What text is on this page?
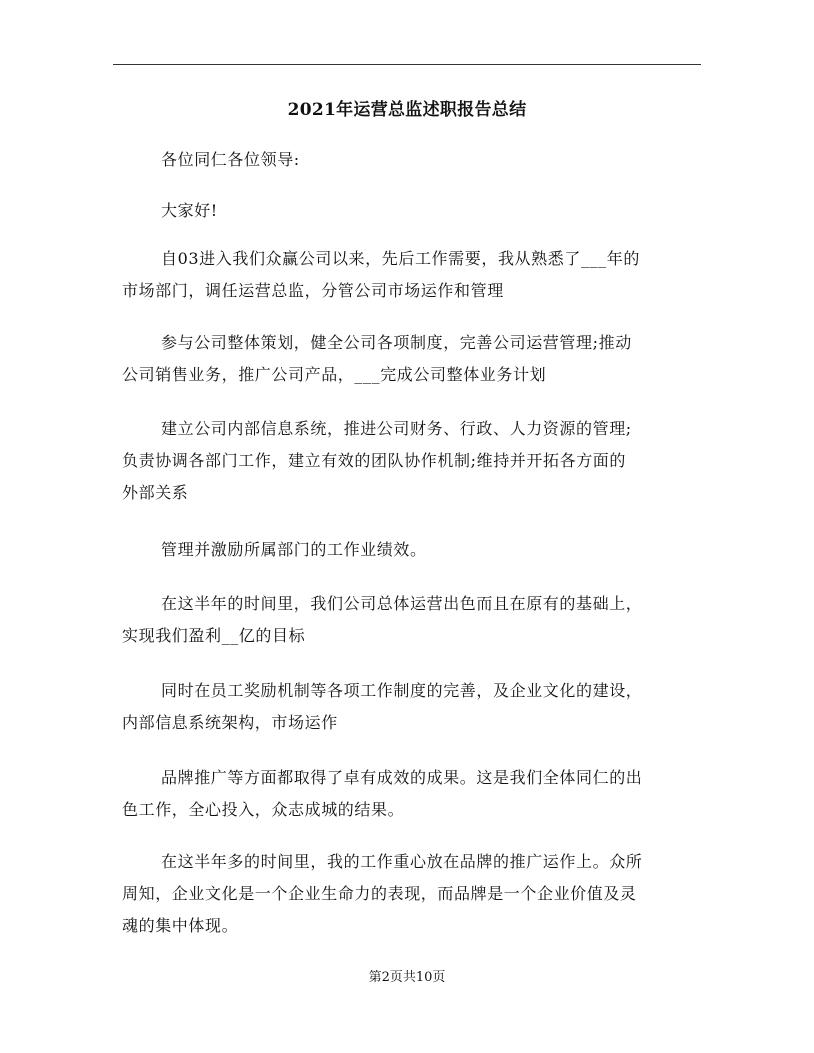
2021年运营总监述职报告总结

各位同仁各位领导:

大家好!

自03进入我们众赢公司以来，先后工作需要，我从熟悉了___年的
市场部门，调任运营总监，分管公司市场运作和管理

参与公司整体策划，健全公司各项制度，完善公司运营管理;推动
公司销售业务，推广公司产品，___完成公司整体业务计划

建立公司内部信息系统，推进公司财务、行政、人力资源的管理;
负责协调各部门工作，建立有效的团队协作机制;维持并开拓各方面的
外部关系

管理并激励所属部门的工作业绩效。

在这半年的时间里，我们公司总体运营出色而且在原有的基础上，
实现我们盈利__亿的目标

同时在员工奖励机制等各项工作制度的完善，及企业文化的建设，
内部信息系统架构，市场运作

品牌推广等方面都取得了卓有成效的成果。这是我们全体同仁的出
色工作，全心投入，众志成城的结果。

在这半年多的时间里，我的工作重心放在品牌的推广运作上。众所
周知，企业文化是一个企业生命力的表现，而品牌是一个企业价值及灵
魂的集中体现。

第2页共10页
